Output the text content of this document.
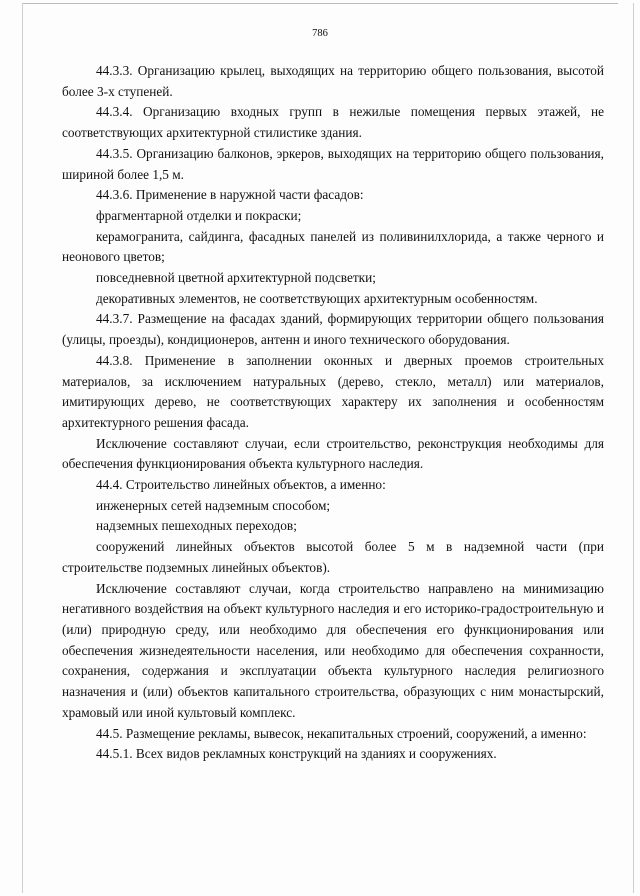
786

44.3.3. Организацию крылец, выходящих на территорию общего пользования, высотой более 3-х ступеней.

44.3.4. Организацию входных групп в нежилые помещения первых этажей, не соответствующих архитектурной стилистике здания.

44.3.5. Организацию балконов, эркеров, выходящих на территорию общего пользования, шириной более 1,5 м.

44.3.6. Применение в наружной части фасадов:

фрагментарной отделки и покраски;

керамогранита, сайдинга, фасадных панелей из поливинилхлорида, а также черного и неонового цветов;

повседневной цветной архитектурной подсветки;

декоративных элементов, не соответствующих архитектурным особенностям.

44.3.7. Размещение на фасадах зданий, формирующих территории общего пользования (улицы, проезды), кондиционеров, антенн и иного технического оборудования.

44.3.8. Применение в заполнении оконных и дверных проемов строительных материалов, за исключением натуральных (дерево, стекло, металл) или материалов, имитирующих дерево, не соответствующих характеру их заполнения и особенностям архитектурного решения фасада.

Исключение составляют случаи, если строительство, реконструкция необходимы для обеспечения функционирования объекта культурного наследия.

44.4. Строительство линейных объектов, а именно:

инженерных сетей надземным способом;

надземных пешеходных переходов;

сооружений линейных объектов высотой более 5 м в надземной части (при строительстве подземных линейных объектов).

Исключение составляют случаи, когда строительство направлено на минимизацию негативного воздействия на объект культурного наследия и его историко-градостроительную и (или) природную среду, или необходимо для обеспечения его функционирования или обеспечения жизнедеятельности населения, или необходимо для обеспечения сохранности, сохранения, содержания и эксплуатации объекта культурного наследия религиозного назначения и (или) объектов капитального строительства, образующих с ним монастырский, храмовый или иной культовый комплекс.

44.5. Размещение рекламы, вывесок, некапитальных строений, сооружений, а именно:

44.5.1. Всех видов рекламных конструкций на зданиях и сооружениях.
